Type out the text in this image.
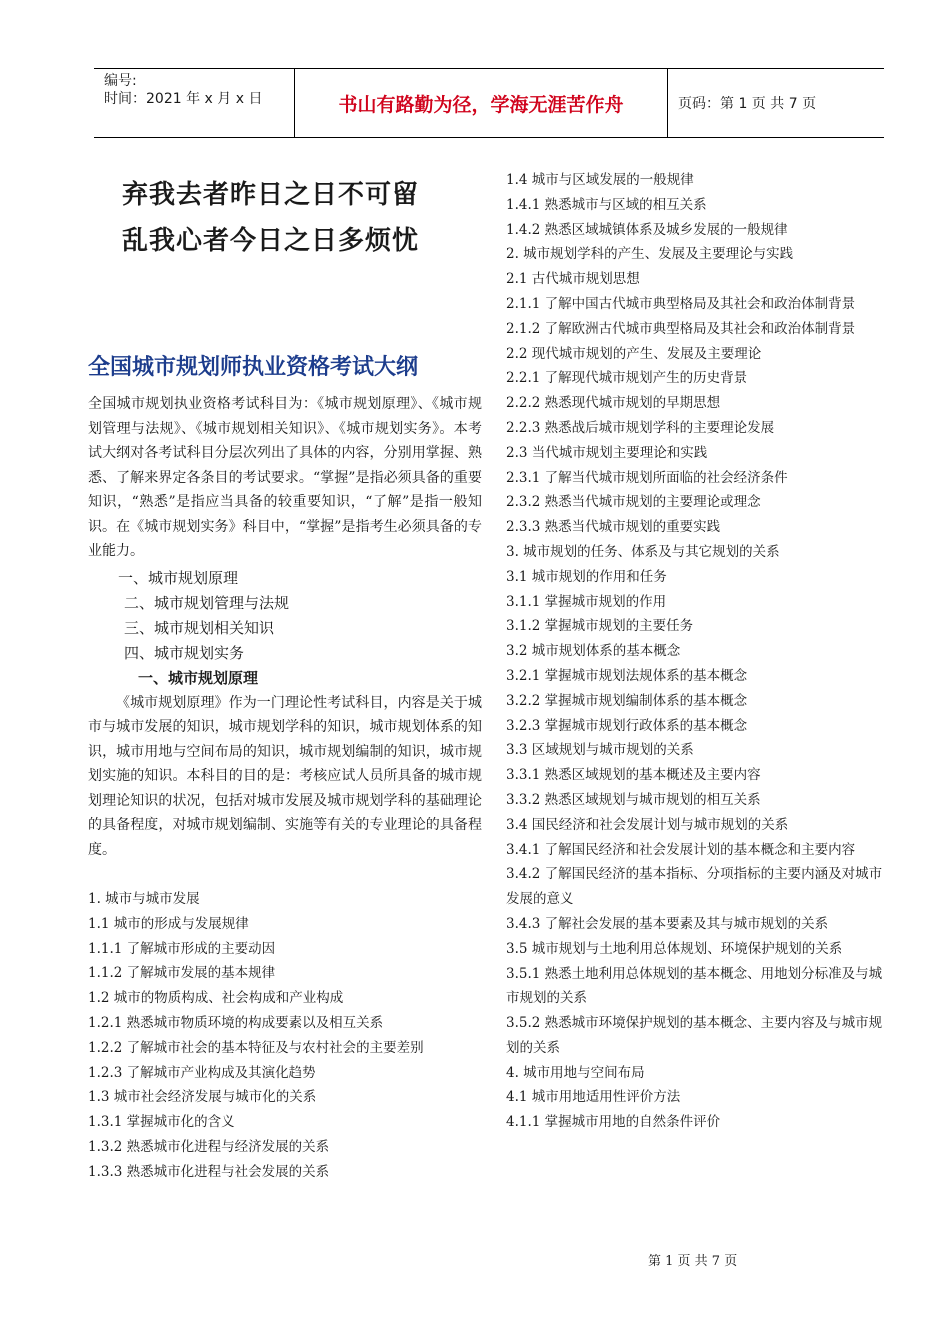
编号:
时间：2021 年 x 月 x 日	书山有路勤为径，学海无涯苦作舟	页码：第 1 页 共 7 页
弃我去者昨日之日不可留
乱我心者今日之日多烦忧
全国城市规划师执业资格考试大纲

全国城市规划执业资格考试科目为：《城市规划原理》、《城市规划管理与法规》、《城市规划相关知识》、《城市规划实务》。本考试大纲对各考试科目分层次列出了具体的内容，分别用掌握、熟悉、了解来界定各条目的考试要求。“掌握”是指必须具备的重要知识，“熟悉”是指应当具备的较重要知识，“了解”是指一般知识。在《城市规划实务》科目中，“掌握”是指考生必须具备的专业能力。

一、城市规划原理
二、城市规划管理与法规
三、城市规划相关知识
四、城市规划实务
一、城市规划原理

《城市规划原理》作为一门理论性考试科目，内容是关于城市与城市发展的知识，城市规划学科的知识，城市规划体系的知识，城市用地与空间布局的知识，城市规划编制的知识，城市规划实施的知识。本科目的目的是：考核应试人员所具备的城市规划理论知识的状况，包括对城市发展及城市规划学科的基础理论的具备程度，对城市规划编制、实施等有关的专业理论的具备程度。

1. 城市与城市发展
1.1 城市的形成与发展规律
1.1.1 了解城市形成的主要动因
1.1.2 了解城市发展的基本规律
1.2 城市的物质构成、社会构成和产业构成
1.2.1 熟悉城市物质环境的构成要素以及相互关系
1.2.2 了解城市社会的基本特征及与农村社会的主要差别
1.2.3 了解城市产业构成及其演化趋势
1.3 城市社会经济发展与城市化的关系
1.3.1 掌握城市化的含义
1.3.2 熟悉城市化进程与经济发展的关系
1.3.3 熟悉城市化进程与社会发展的关系
1.4 城市与区域发展的一般规律
1.4.1 熟悉城市与区域的相互关系
1.4.2 熟悉区域城镇体系及城乡发展的一般规律
2. 城市规划学科的产生、发展及主要理论与实践
2.1 古代城市规划思想
2.1.1 了解中国古代城市典型格局及其社会和政治体制背景
2.1.2 了解欧洲古代城市典型格局及其社会和政治体制背景
2.2 现代城市规划的产生、发展及主要理论
2.2.1 了解现代城市规划产生的历史背景
2.2.2 熟悉现代城市规划的早期思想
2.2.3 熟悉战后城市规划学科的主要理论发展
2.3 当代城市规划主要理论和实践
2.3.1 了解当代城市规划所面临的社会经济条件
2.3.2 熟悉当代城市规划的主要理论或理念
2.3.3 熟悉当代城市规划的重要实践
3. 城市规划的任务、体系及与其它规划的关系
3.1 城市规划的作用和任务
3.1.1 掌握城市规划的作用
3.1.2 掌握城市规划的主要任务
3.2 城市规划体系的基本概念
3.2.1 掌握城市规划法规体系的基本概念
3.2.2 掌握城市规划编制体系的基本概念
3.2.3 掌握城市规划行政体系的基本概念
3.3 区域规划与城市规划的关系
3.3.1 熟悉区域规划的基本概述及主要内容
3.3.2 熟悉区域规划与城市规划的相互关系
3.4 国民经济和社会发展计划与城市规划的关系
3.4.1 了解国民经济和社会发展计划的基本概念和主要内容
3.4.2 了解国民经济的基本指标、分项指标的主要内涵及对城市发展的意义
3.4.3 了解社会发展的基本要素及其与城市规划的关系
3.5 城市规划与土地利用总体规划、环境保护规划的关系
3.5.1 熟悉土地利用总体规划的基本概念、用地划分标准及与城市规划的关系
3.5.2 熟悉城市环境保护规划的基本概念、主要内容及与城市规划的关系
4. 城市用地与空间布局
4.1 城市用地适用性评价方法
4.1.1 掌握城市用地的自然条件评价
第 1 页 共 7 页
